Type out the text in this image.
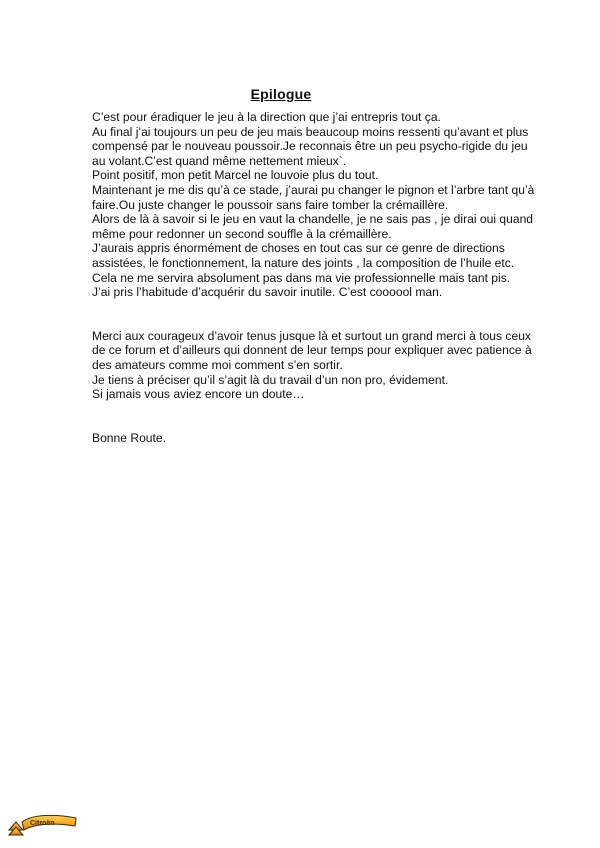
Epilogue
C’est pour éradiquer le jeu à la direction que j’ai entrepris tout ça.
Au final j’ai toujours un peu de jeu mais beaucoup moins ressenti qu’avant et plus
compensé par le nouveau poussoir.Je reconnais être un peu psycho-rigide du jeu
au volant.C’est quand même nettement mieux`.
Point positif, mon petit Marcel ne louvoie plus du tout.
Maintenant je me dis qu’à ce stade, j’aurai pu changer le pignon et l’arbre tant qu’à
faire.Ou juste changer le poussoir sans faire tomber la crémaillère.
Alors de là à savoir si le jeu en vaut la chandelle, je ne sais pas , je dirai oui quand
même pour redonner un second souffle à la crémaillère.
J’aurais appris énormément de choses en tout cas sur ce genre de directions
assistées, le fonctionnement, la nature des joints , la composition de l’huile etc.
Cela ne me servira absolument pas dans ma vie professionnelle mais tant pis.
J’ai pris l’habitude d’acquérir du savoir inutile. C’est coooool man.
Merci aux courageux d’avoir tenus jusque là et surtout un grand merci à tous ceux
de ce forum et d’ailleurs qui donnent de leur temps pour expliquer avec patience à
des amateurs comme moi comment s’en sortir.
Je tiens à préciser qu’il s’agit là du travail d’un non pro, évidement.
Si jamais vous aviez encore un doute…
Bonne Route.
Citroën
